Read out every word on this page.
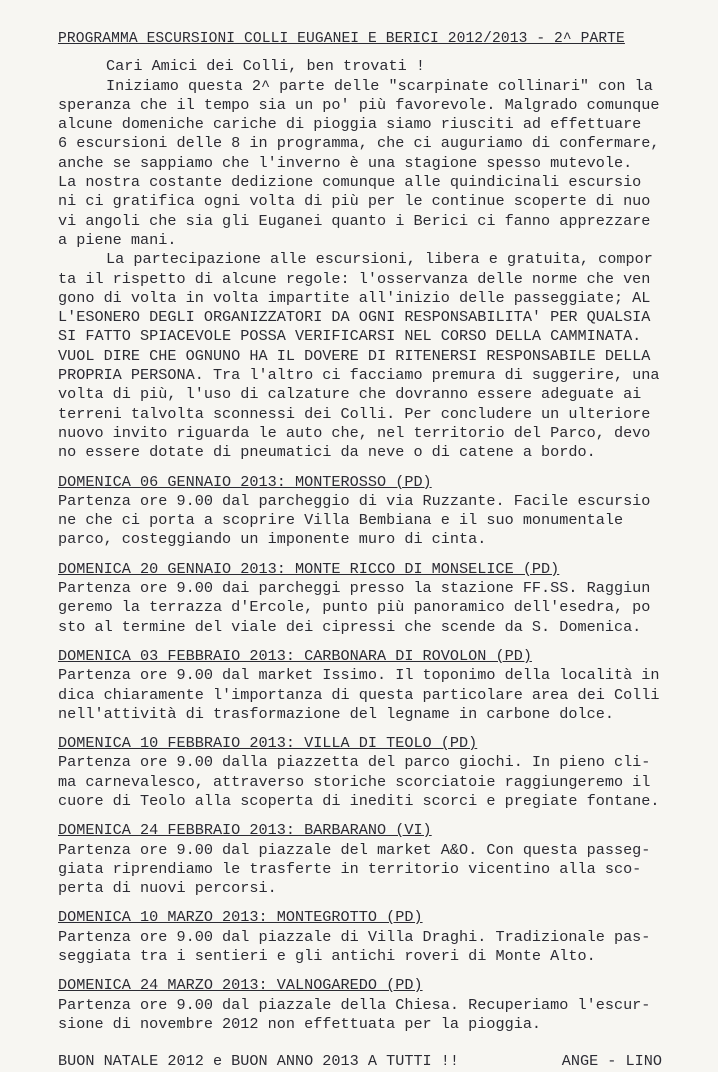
PROGRAMMA ESCURSIONI COLLI EUGANEI E BERICI 2012/2013 - 2^ PARTE

Cari Amici dei Colli, ben trovati !

Iniziamo questa 2^ parte delle "scarpinate collinari" con la
speranza che il tempo sia un po' più favorevole. Malgrado comunque
alcune domeniche cariche di pioggia siamo riusciti ad effettuare
6 escursioni delle 8 in programma, che ci auguriamo di confermare,
anche se sappiamo che l'inverno è una stagione spesso mutevole.

La nostra costante dedizione comunque alle quindicinali escursio
ni ci gratifica ogni volta di più per le continue scoperte di nuo
vi angoli che sia gli Euganei quanto i Berici ci fanno apprezzare
a piene mani.

La partecipazione alle escursioni, libera e gratuita, compor
ta il rispetto di alcune regole: l'osservanza delle norme che ven
gono di volta in volta impartite all'inizio delle passeggiate; AL
L'ESONERO DEGLI ORGANIZZATORI DA OGNI RESPONSABILITA' PER QUALSIA
SI FATTO SPIACEVOLE POSSA VERIFICARSI NEL CORSO DELLA CAMMINATA.
VUOL DIRE CHE OGNUNO HA IL DOVERE DI RITENERSI RESPONSABILE DELLA
PROPRIA PERSONA. Tra l'altro ci facciamo premura di suggerire, una
volta di più, l'uso di calzature che dovranno essere adeguate ai
terreni talvolta sconnessi dei Colli. Per concludere un ulteriore
nuovo invito riguarda le auto che, nel territorio del Parco, devo
no essere dotate di pneumatici da neve o di catene a bordo.

DOMENICA 06 GENNAIO 2013: MONTEROSSO (PD)
Partenza ore 9.00 dal parcheggio di via Ruzzante. Facile escursio
ne che ci porta a scoprire Villa Bembiana e il suo monumentale
parco, costeggiando un imponente muro di cinta.
DOMENICA 20 GENNAIO 2013: MONTE RICCO DI MONSELICE (PD)
Partenza ore 9.00 dai parcheggi presso la stazione FF.SS. Raggiun
geremo la terrazza d'Ercole, punto più panoramico dell'esedra, po
sto al termine del viale dei cipressi che scende da S. Domenica.
DOMENICA 03 FEBBRAIO 2013: CARBONARA DI ROVOLON (PD)
Partenza ore 9.00 dal market Issimo. Il toponimo della località in
dica chiaramente l'importanza di questa particolare area dei Colli
nell'attività di trasformazione del legname in carbone dolce.
DOMENICA 10 FEBBRAIO 2013: VILLA DI TEOLO (PD)
Partenza ore 9.00 dalla piazzetta del parco giochi. In pieno cli-
ma carnevalesco, attraverso storiche scorciatoie raggiungeremo il
cuore di Teolo alla scoperta di inediti scorci e pregiate fontane.
DOMENICA 24 FEBBRAIO 2013: BARBARANO (VI)
Partenza ore 9.00 dal piazzale del market A&O. Con questa passeg-
giata riprendiamo le trasferte in territorio vicentino alla sco-
perta di nuovi percorsi.
DOMENICA 10 MARZO 2013: MONTEGROTTO (PD)
Partenza ore 9.00 dal piazzale di Villa Draghi. Tradizionale pas-
seggiata tra i sentieri e gli antichi roveri di Monte Alto.
DOMENICA 24 MARZO 2013: VALNOGAREDO (PD)
Partenza ore 9.00 dal piazzale della Chiesa. Recuperiamo l'escur-
sione di novembre 2012 non effettuata per la pioggia.
BUON NATALE 2012 e BUON ANNO 2013 A TUTTI !!	ANGE - LINO
